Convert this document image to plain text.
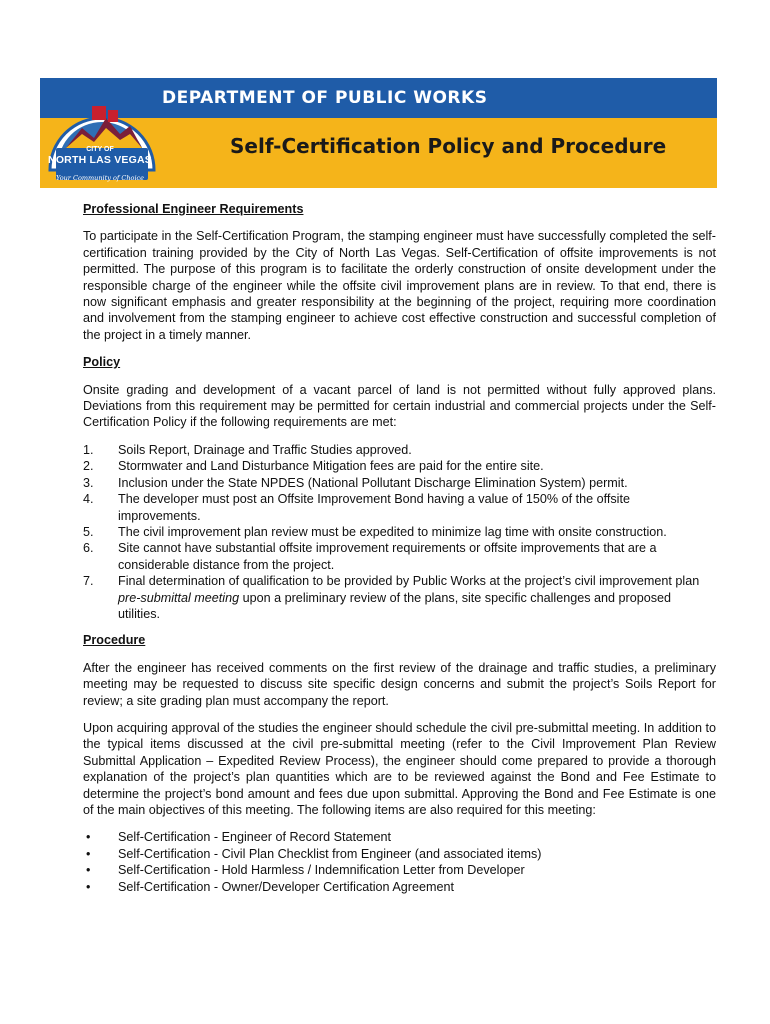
DEPARTMENT OF PUBLIC WORKS
Self-Certification Policy and Procedure
CITY OF
NORTH LAS VEGAS
Your Community of Choice
Professional Engineer Requirements

To participate in the Self-Certification Program, the stamping engineer must have successfully completed the self-certification training provided by the City of North Las Vegas. Self-Certification of offsite improvements is not permitted. The purpose of this program is to facilitate the orderly construction of onsite development under the responsible charge of the engineer while the offsite civil improvement plans are in review. To that end, there is now significant emphasis and greater responsibility at the beginning of the project, requiring more coordination and involvement from the stamping engineer to achieve cost effective construction and successful completion of the project in a timely manner.

Policy

Onsite grading and development of a vacant parcel of land is not permitted without fully approved plans. Deviations from this requirement may be permitted for certain industrial and commercial projects under the Self-Certification Policy if the following requirements are met:

1. Soils Report, Drainage and Traffic Studies approved.
2. Stormwater and Land Disturbance Mitigation fees are paid for the entire site.
3. Inclusion under the State NPDES (National Pollutant Discharge Elimination System) permit.
4. The developer must post an Offsite Improvement Bond having a value of 150% of the offsite improvements.
5. The civil improvement plan review must be expedited to minimize lag time with onsite construction.
6. Site cannot have substantial offsite improvement requirements or offsite improvements that are a considerable distance from the project.
7. Final determination of qualification to be provided by Public Works at the project’s civil improvement plan pre-submittal meeting upon a preliminary review of the plans, site specific challenges and proposed utilities.
Procedure

After the engineer has received comments on the first review of the drainage and traffic studies, a preliminary meeting may be requested to discuss site specific design concerns and submit the project’s Soils Report for review; a site grading plan must accompany the report.

Upon acquiring approval of the studies the engineer should schedule the civil pre-submittal meeting. In addition to the typical items discussed at the civil pre-submittal meeting (refer to the Civil Improvement Plan Review Submittal Application – Expedited Review Process), the engineer should come prepared to provide a thorough explanation of the project’s plan quantities which are to be reviewed against the Bond and Fee Estimate to determine the project’s bond amount and fees due upon submittal. Approving the Bond and Fee Estimate is one of the main objectives of this meeting. The following items are also required for this meeting:

• Self-Certification - Engineer of Record Statement
• Self-Certification - Civil Plan Checklist from Engineer (and associated items)
• Self-Certification - Hold Harmless / Indemnification Letter from Developer
• Self-Certification - Owner/Developer Certification Agreement
